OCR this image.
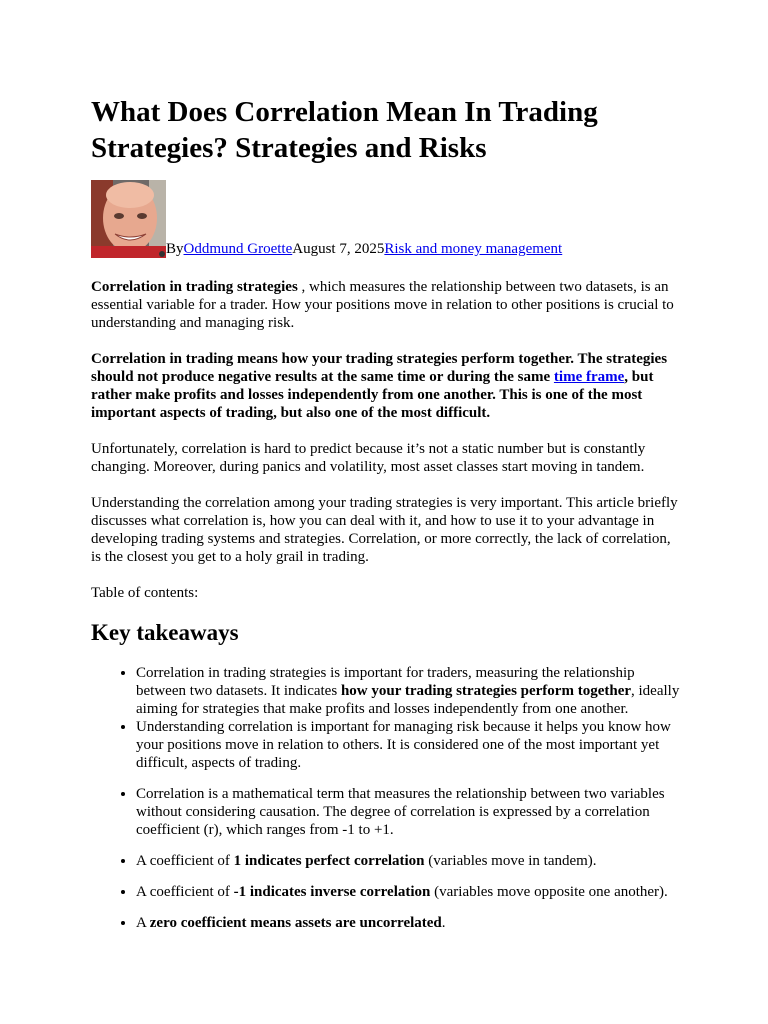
What Does Correlation Mean In Trading Strategies? Strategies and Risks
By Oddmund Groette August 7, 2025 Risk and money management

Correlation in trading strategies , which measures the relationship between two datasets, is an essential variable for a trader. How your positions move in relation to other positions is crucial to understanding and managing risk.

Correlation in trading means how your trading strategies perform together. The strategies should not produce negative results at the same time or during the same time frame, but rather make profits and losses independently from one another. This is one of the most important aspects of trading, but also one of the most difficult.

Unfortunately, correlation is hard to predict because it’s not a static number but is constantly changing. Moreover, during panics and volatility, most asset classes start moving in tandem.

Understanding the correlation among your trading strategies is very important. This article briefly discusses what correlation is, how you can deal with it, and how to use it to your advantage in developing trading systems and strategies. Correlation, or more correctly, the lack of correlation, is the closest you get to a holy grail in trading.

Table of contents:

Key takeaways
• Correlation in trading strategies is important for traders, measuring the relationship between two datasets. It indicates how your trading strategies perform together, ideally aiming for strategies that make profits and losses independently from one another.
• Understanding correlation is important for managing risk because it helps you know how your positions move in relation to others. It is considered one of the most important yet difficult, aspects of trading.
• Correlation is a mathematical term that measures the relationship between two variables without considering causation. The degree of correlation is expressed by a correlation coefficient (r), which ranges from -1 to +1.
• A coefficient of 1 indicates perfect correlation (variables move in tandem).
• A coefficient of -1 indicates inverse correlation (variables move opposite one another).
• A zero coefficient means assets are uncorrelated.
